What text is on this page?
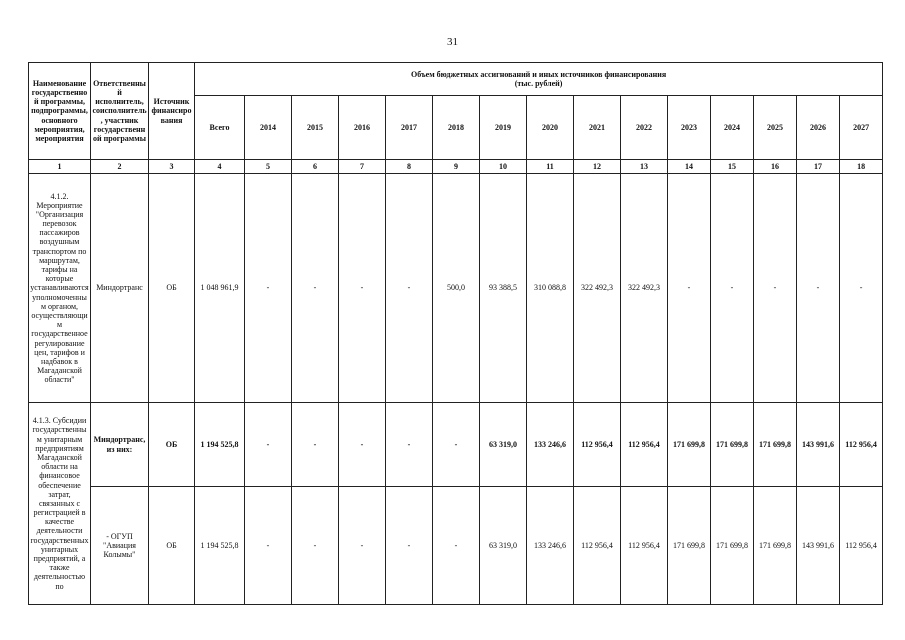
31
Наименование государственной программы, подпрограммы, основного мероприятия, мероприятия	Ответственный исполнитель, соисполнитель, участник государственной программы	Источник финансирования	Объем бюджетных ассигнований и иных источников финансирования
(тыс. рублей)														

			Всего	2014	2015	2016	2017	2018	2019	2020	2021	2022	2023	2024	2025	2026	2027
1	2	3	4	5	6	7	8	9	10	11	12	13	14	15	16	17	18
4.1.2. Мероприятие "Организация перевозок пассажиров воздушным транспортом по маршрутам, тарифы на которые устанавливаются уполномоченным органом, осуществляющим государственное регулирование цен, тарифов и надбавок в Магаданской области"	Миндортранс	ОБ	1 048 961,9	-	-	-	-	500,0	93 388,5	310 088,8	322 492,3	322 492,3	-	-	-	-	-
4.1.3. Субсидии государственным унитарным предприятиям Магаданской области на финансовое обеспечение затрат, связанных с регистрацией в качестве деятельности государственных унитарных предприятий, а также деятельностью по	Миндортранс, из них:	ОБ	1 194 525,8	-	-	-	-	-	63 319,0	133 246,6	112 956,4	112 956,4	171 699,8	171 699,8	171 699,8	143 991,6	112 956,4
	- ОГУП "Авиация Колымы"	ОБ	1 194 525,8	-	-	-	-	-	63 319,0	133 246,6	112 956,4	112 956,4	171 699,8	171 699,8	171 699,8	143 991,6	112 956,4
